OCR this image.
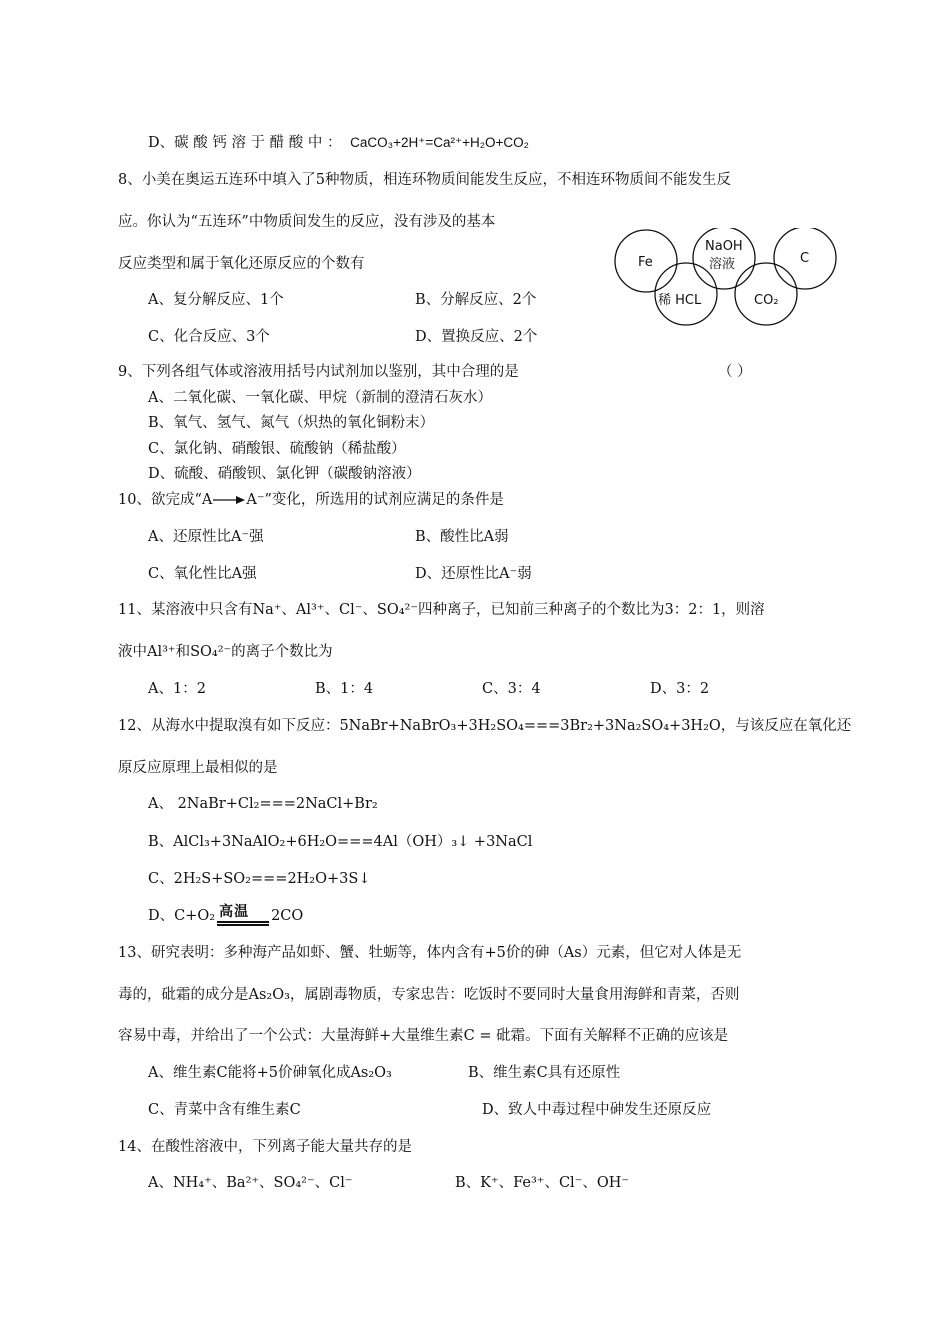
D、碳 酸 钙 溶 于 醋 酸 中 ： CaCO₃+2H⁺=Ca²⁺+H₂O+CO₂
8、小美在奥运五连环中填入了5种物质，相连环物质间能发生反应，不相连环物质间不能发生反
应。你认为“五连环”中物质间发生的反应，没有涉及的基本
反应类型和属于氧化还原反应的个数有
A、复分解反应、1个	B、分解反应、2个
C、化合反应、3个	D、置换反应、2个
Fe
NaOH
溶液	C
稀 HCL	CO₂
9、下列各组气体或溶液用括号内试剂加以鉴别，其中合理的是	（ ）
A、二氧化碳、一氧化碳、甲烷（新制的澄清石灰水）
B、氧气、氢气、氮气（炽热的氧化铜粉末）
C、氯化钠、硝酸银、硫酸钠（稀盐酸）
D、硫酸、硝酸钡、氯化钾（碳酸钠溶液）
10、欲完成“A A⁻”变化，所选用的试剂应满足的条件是
A、还原性比A⁻强	B、酸性比A弱
C、氧化性比A强	D、还原性比A⁻弱
11、某溶液中只含有Na⁺、Al³⁺、Cl⁻、SO₄²⁻四种离子，已知前三种离子的个数比为3：2：1，则溶
液中Al³⁺和SO₄²⁻的离子个数比为
A、1：2	B、1：4	C、3：4	D、3：2
12、从海水中提取溴有如下反应：5NaBr+NaBrO₃+3H₂SO₄===3Br₂+3Na₂SO₄+3H₂O，与该反应在氧化还
原反应原理上最相似的是
A、 2NaBr+Cl₂===2NaCl+Br₂
B、AlCl₃+3NaAlO₂+6H₂O===4Al（OH）₃↓ +3NaCl
C、2H₂S+SO₂===2H₂O+3S↓
D、C+O₂ 高温 2CO
13、研究表明：多种海产品如虾、蟹、牡蛎等，体内含有+5价的砷（As）元素，但它对人体是无
毒的，砒霜的成分是As₂O₃，属剧毒物质，专家忠告：吃饭时不要同时大量食用海鲜和青菜，否则
容易中毒，并给出了一个公式：大量海鲜+大量维生素C = 砒霜。下面有关解释不正确的应该是
A、维生素C能将+5价砷氧化成As₂O₃	B、维生素C具有还原性
C、青菜中含有维生素C	D、致人中毒过程中砷发生还原反应
14、在酸性溶液中，下列离子能大量共存的是
A、NH₄⁺、Ba²⁺、SO₄²⁻、Cl⁻	B、K⁺、Fe³⁺、Cl⁻、OH⁻
